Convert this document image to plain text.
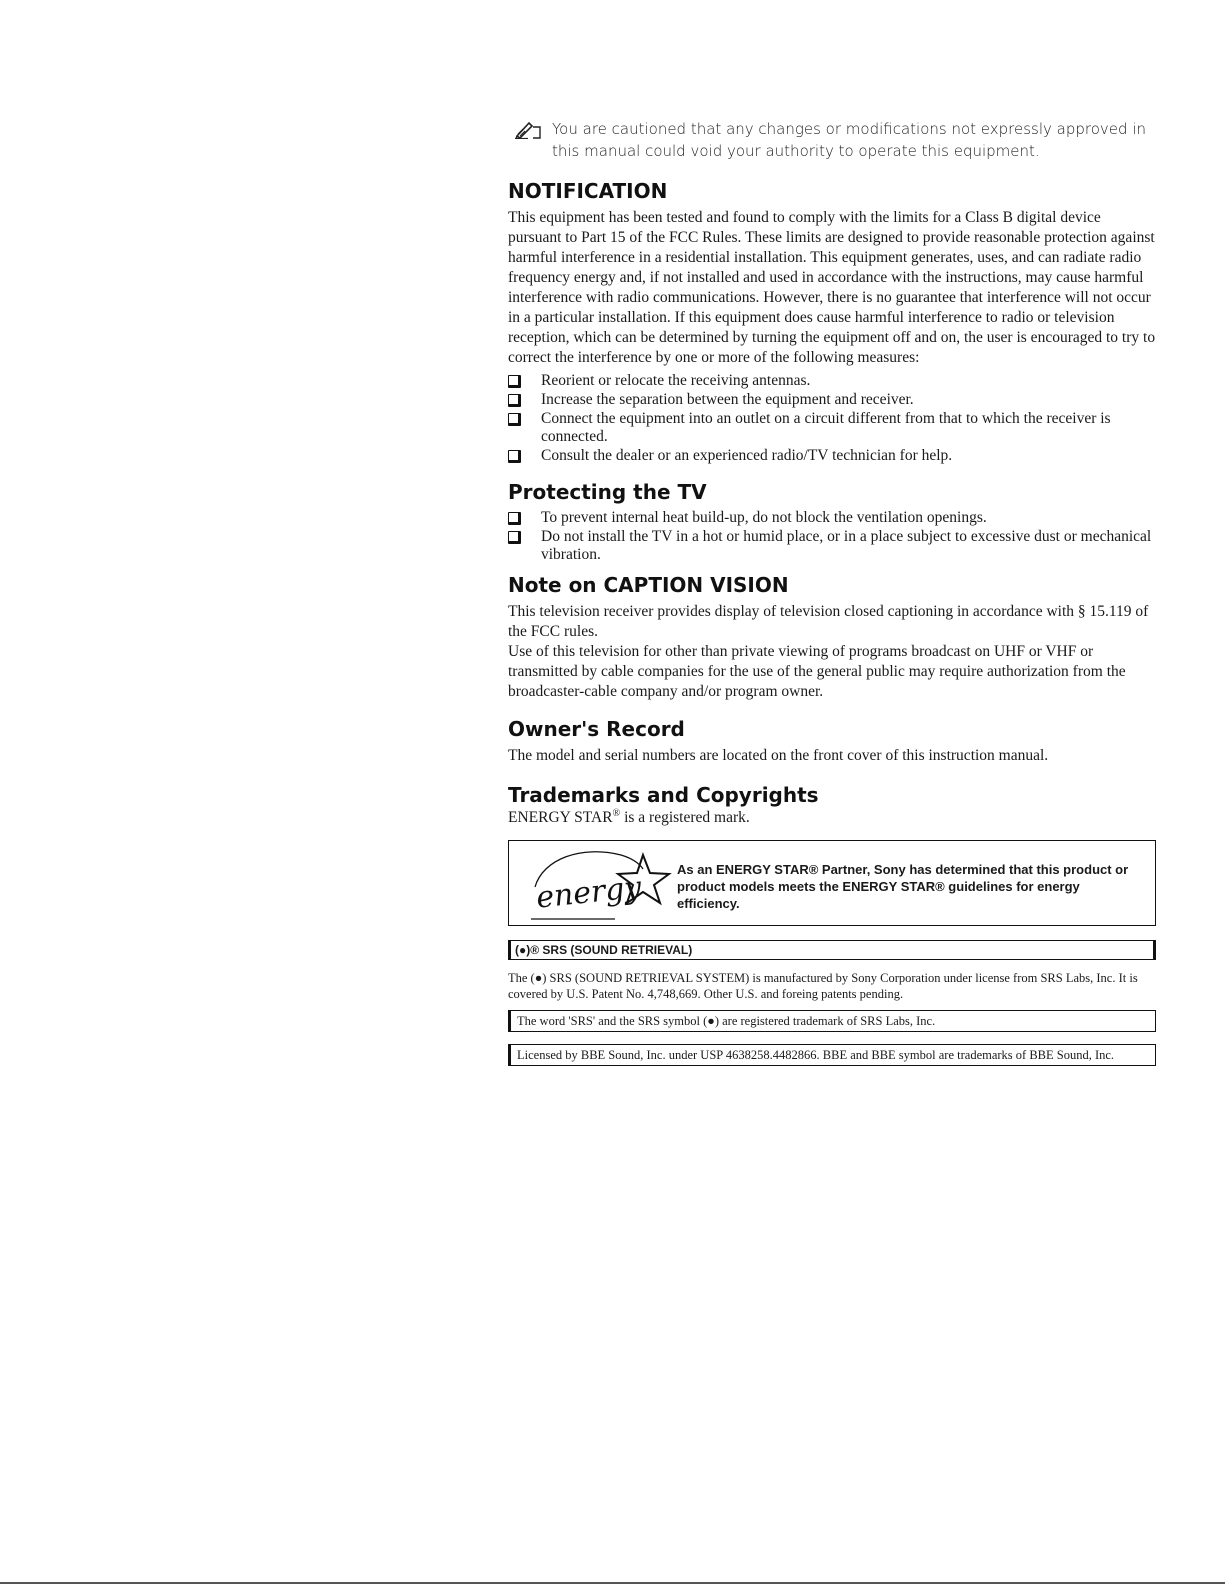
You are cautioned that any changes or modifications not expressly approved in this manual could void your authority to operate this equipment.
NOTIFICATION

This equipment has been tested and found to comply with the limits for a Class B digital device pursuant to Part 15 of the FCC Rules. These limits are designed to provide reasonable protection against harmful interference in a residential installation. This equipment generates, uses, and can radiate radio frequency energy and, if not installed and used in accordance with the instructions, may cause harmful interference with radio communications. However, there is no guarantee that interference will not occur in a particular installation. If this equipment does cause harmful interference to radio or television reception, which can be determined by turning the equipment off and on, the user is encouraged to try to correct the interference by one or more of the following measures:

Reorient or relocate the receiving antennas.
Increase the separation between the equipment and receiver.
Connect the equipment into an outlet on a circuit different from that to which the receiver is connected.
Consult the dealer or an experienced radio/TV technician for help.
Protecting the TV
To prevent internal heat build-up, do not block the ventilation openings.
Do not install the TV in a hot or humid place, or in a place subject to excessive dust or mechanical vibration.
Note on CAPTION VISION

This television receiver provides display of television closed captioning in accordance with § 15.119 of the FCC rules.

Use of this television for other than private viewing of programs broadcast on UHF or VHF or transmitted by cable companies for the use of the general public may require authorization from the broadcaster-cable company and/or program owner.

Owner's Record

The model and serial numbers are located on the front cover of this instruction manual.

Trademarks and Copyrights

ENERGY STAR® is a registered mark.

energy
As an ENERGY STAR® Partner, Sony has determined that this product or product models meets the ENERGY STAR® guidelines for energy efficiency.
(●)® SRS (SOUND RETRIEVAL)

The (●) SRS (SOUND RETRIEVAL SYSTEM) is manufactured by Sony Corporation under license from SRS Labs, Inc. It is covered by U.S. Patent No. 4,748,669. Other U.S. and foreing patents pending.

The word 'SRS' and the SRS symbol (●) are registered trademark of SRS Labs, Inc.
Licensed by BBE Sound, Inc. under USP 4638258.4482866. BBE and BBE symbol are trademarks of BBE Sound, Inc.
